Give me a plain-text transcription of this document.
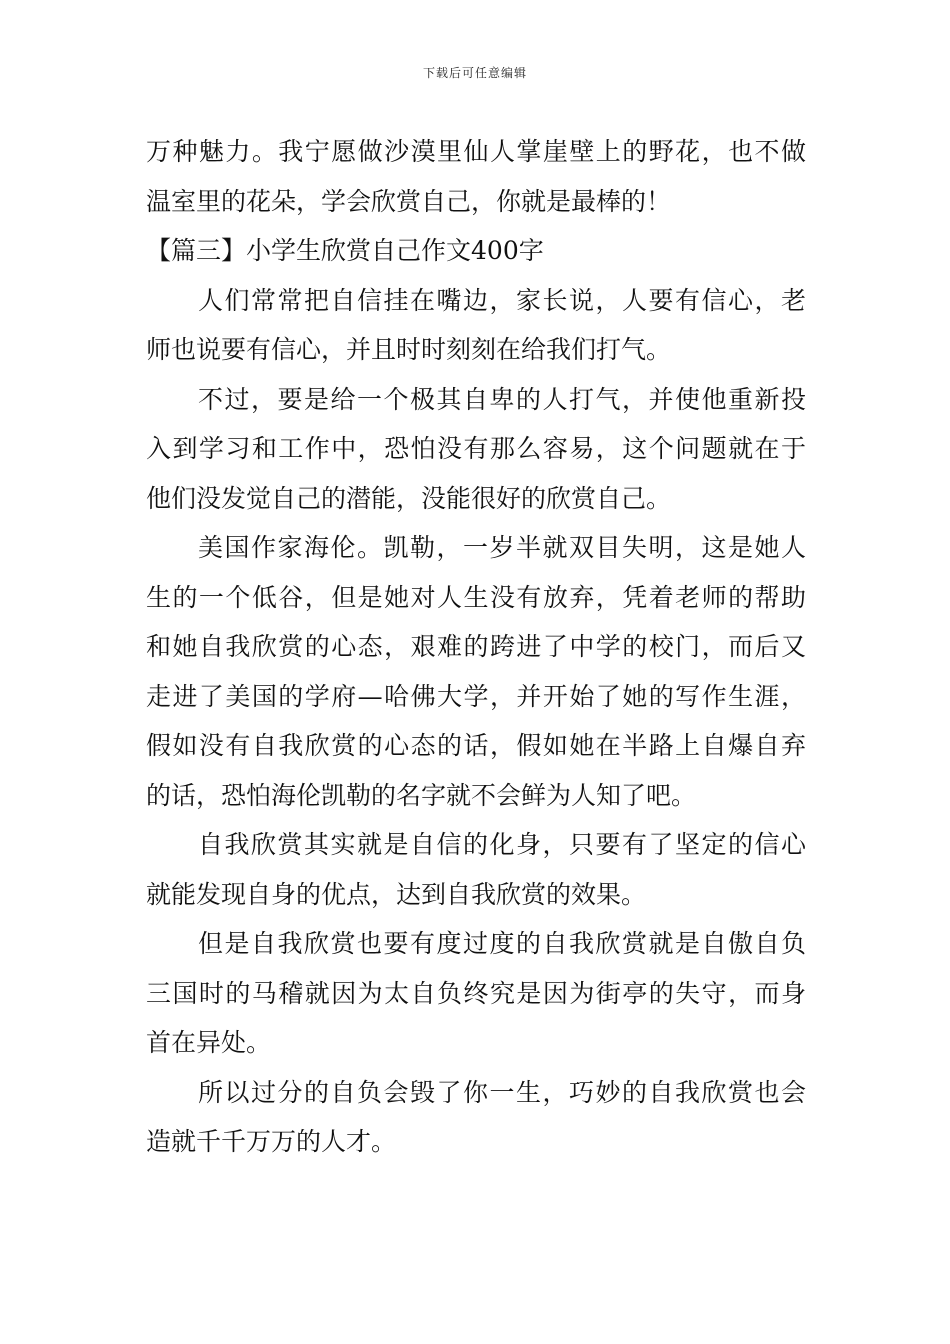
下载后可任意编辑
万种魅力。我宁愿做沙漠里仙人掌崖壁上的野花，也不做
温室里的花朵，学会欣赏自己，你就是最棒的！
【篇三】小学生欣赏自己作文400字
人们常常把自信挂在嘴边，家长说，人要有信心，老
师也说要有信心，并且时时刻刻在给我们打气。
不过，要是给一个极其自卑的人打气，并使他重新投
入到学习和工作中，恐怕没有那么容易，这个问题就在于
他们没发觉自己的潜能，没能很好的欣赏自己。
美国作家海伦。凯勒，一岁半就双目失明，这是她人
生的一个低谷，但是她对人生没有放弃，凭着老师的帮助
和她自我欣赏的心态，艰难的跨进了中学的校门，而后又
走进了美国的学府—哈佛大学，并开始了她的写作生涯，
假如没有自我欣赏的心态的话，假如她在半路上自爆自弃
的话，恐怕海伦凯勒的名字就不会鲜为人知了吧。
自我欣赏其实就是自信的化身，只要有了坚定的信心
就能发现自身的优点，达到自我欣赏的效果。
但是自我欣赏也要有度过度的自我欣赏就是自傲自负
三国时的马稽就因为太自负终究是因为街亭的失守，而身
首在异处。
所以过分的自负会毁了你一生，巧妙的自我欣赏也会
造就千千万万的人才。
